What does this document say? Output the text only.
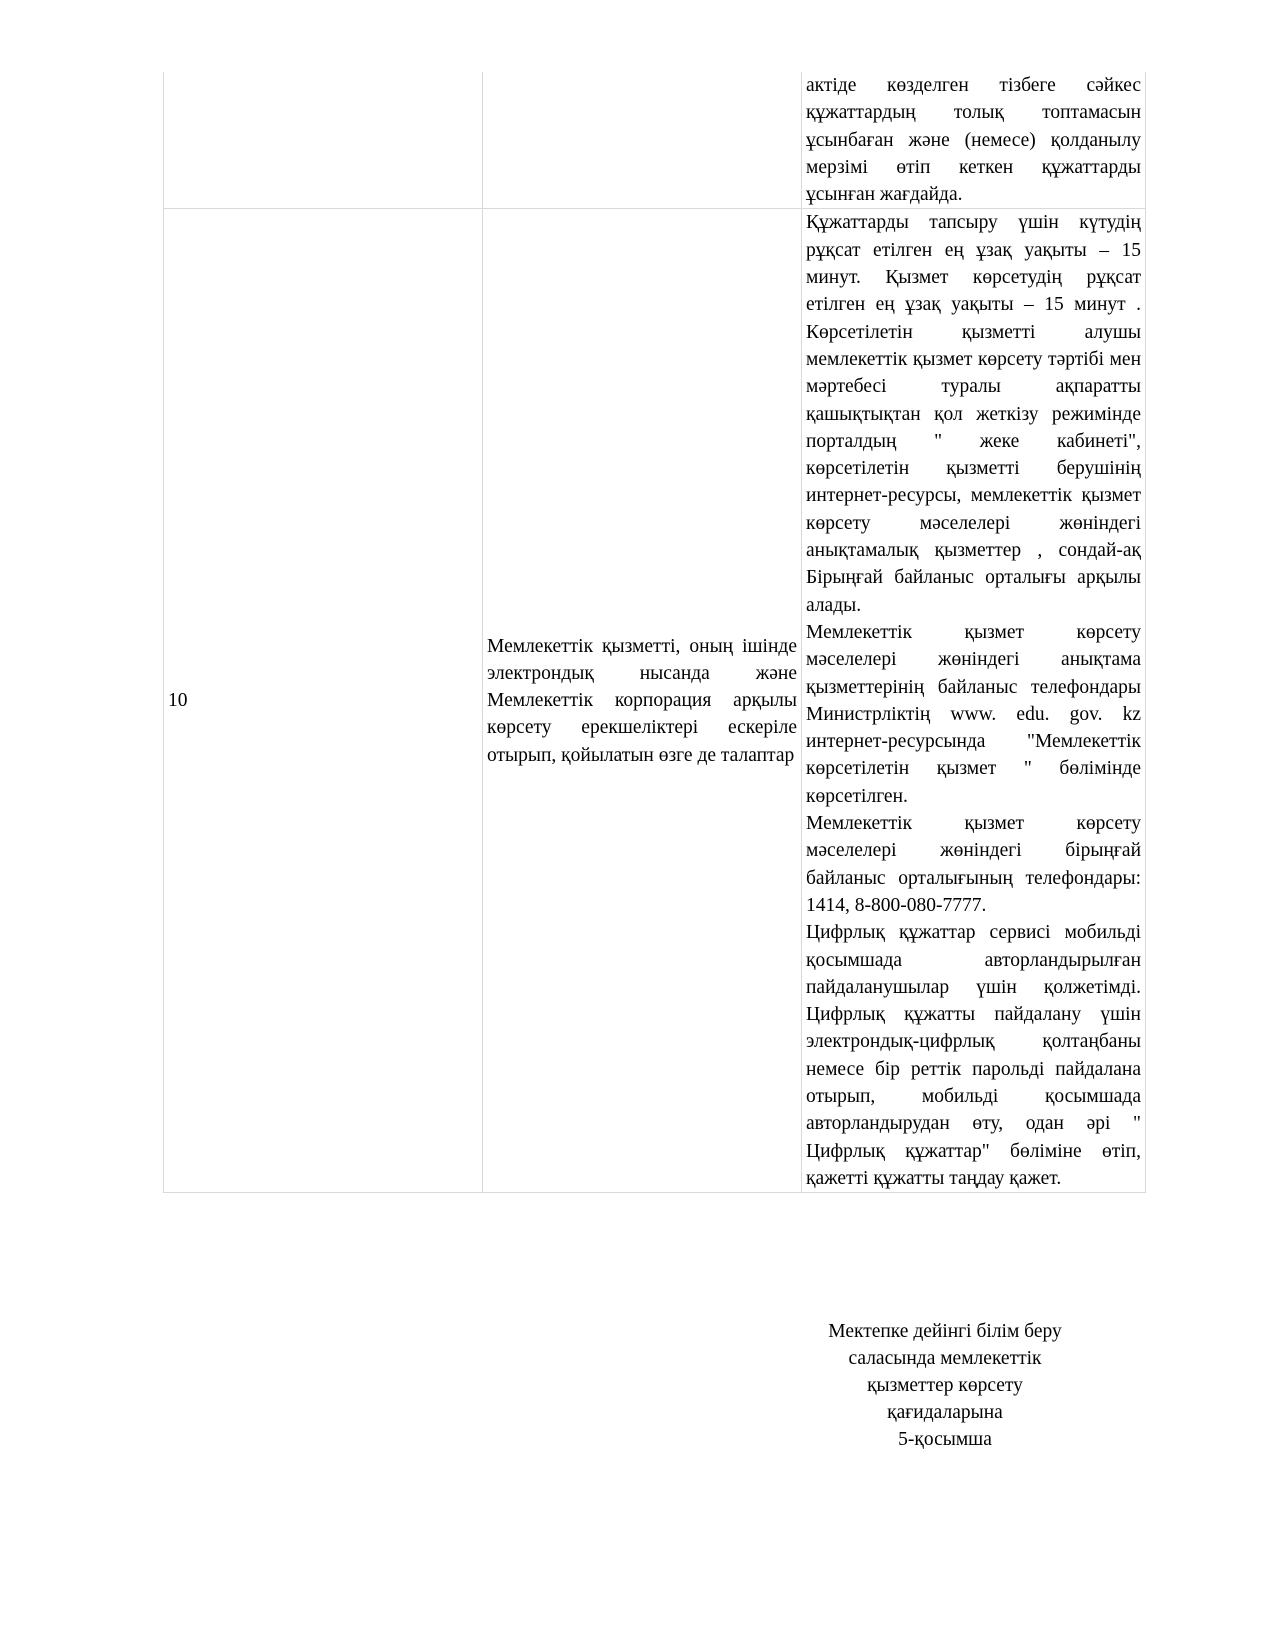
		актіде көзделген тізбеге сәйкес құжаттардың толық топтамасын ұсынбаған және (немесе) қолданылу мерзімі өтіп кеткен құжаттарды ұсынған жағдайда.

10	Мемлекеттік қызметті, оның ішінде электрондық нысанда және Мемлекеттік корпорация арқылы көрсету ерекшеліктері ескеріле отырып, қойылатын өзге де талаптар	Құжаттарды тапсыру үшін күтудің рұқсат етілген ең ұзақ уақыты – 15 минут. Қызмет көрсетудің рұқсат етілген ең ұзақ уақыты – 15 минут . Көрсетілетін қызметті алушы мемлекеттік қызмет көрсету тәртібі мен мәртебесі туралы ақпаратты қашықтықтан қол жеткізу режимінде порталдың " жеке кабинеті", көрсетілетін қызметті берушінің интернет-ресурсы, мемлекеттік қызмет көрсету мәселелері жөніндегі анықтамалық қызметтер , сондай-ақ Бірыңғай байланыс орталығы арқылы алады.

Мемлекеттік қызмет көрсету мәселелері жөніндегі анықтама қызметтерінің байланыс телефондары Министрліктің www. edu. gov. kz интернет-ресурсында "Мемлекеттік көрсетілетін қызмет " бөлімінде көрсетілген.

Мемлекеттік қызмет көрсету мәселелері жөніндегі бірыңғай байланыс орталығының телефондары: 1414, 8-800-080-7777.

Цифрлық құжаттар сервисі мобильді қосымшада авторландырылған пайдаланушылар үшін қолжетімді. Цифрлық құжатты пайдалану үшін электрондық-цифрлық қолтаңбаны немесе бір реттік парольді пайдалана отырып, мобильді қосымшада авторландырудан өту, одан әрі " Цифрлық құжаттар" бөліміне өтіп, қажетті құжатты таңдау қажет.

Мектепке дейінгі білім беру
саласында мемлекеттік
қызметтер көрсету
қағидаларына
5-қосымша
